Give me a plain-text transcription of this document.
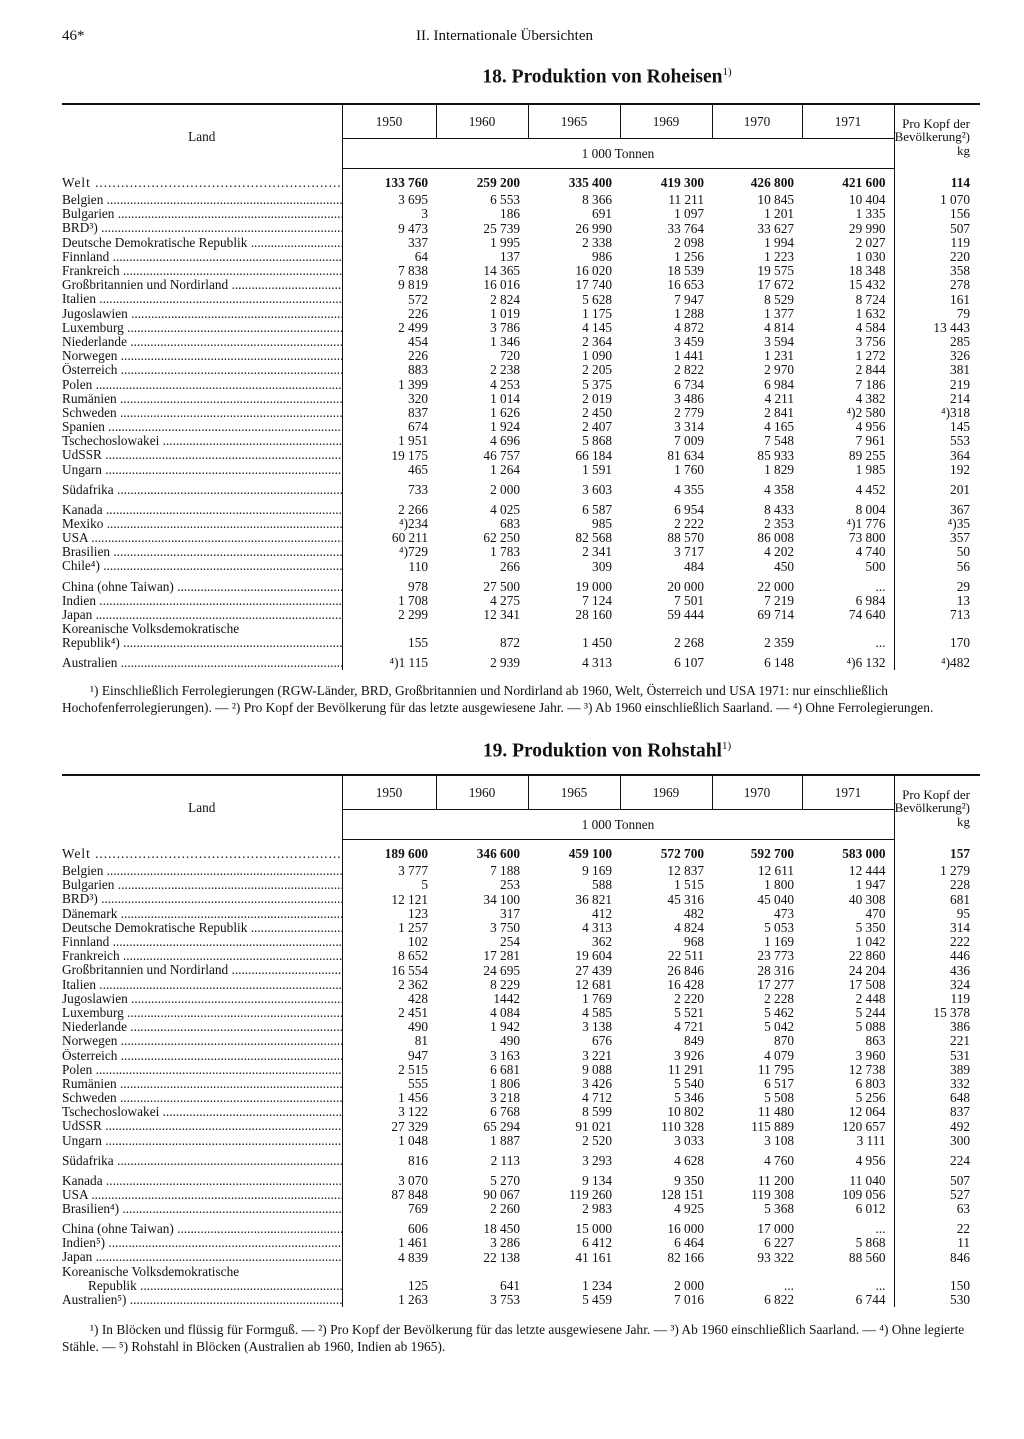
46*	II. Internationale Übersichten
18. Produktion von Roheisen$^{1)}$
Land	1950	1960	1965	1969	1970	1971	Pro Kopf der Bevölkerung²) kg
	1 000 Tonnen						

Welt .....	133 760	259 200	335 400	419 300	426 800	421 600	114

Belgien .....	3 695	6 553	8 366	11 211	10 845	10 404	1 070

Bulgarien .....	3	186	691	1 097	1 201	1 335	156

BRD³) .....	9 473	25 739	26 990	33 764	33 627	29 990	507

Deutsche Demokratische Republik .....	337	1 995	2 338	2 098	1 994	2 027	119

Finnland .....	64	137	986	1 256	1 223	1 030	220

Frankreich .....	7 838	14 365	16 020	18 539	19 575	18 348	358

Großbritannien und Nordirland .....	9 819	16 016	17 740	16 653	17 672	15 432	278

Italien .....	572	2 824	5 628	7 947	8 529	8 724	161

Jugoslawien .....	226	1 019	1 175	1 288	1 377	1 632	79

Luxemburg .....	2 499	3 786	4 145	4 872	4 814	4 584	13 443

Niederlande .....	454	1 346	2 364	3 459	3 594	3 756	285

Norwegen .....	226	720	1 090	1 441	1 231	1 272	326

Österreich .....	883	2 238	2 205	2 822	2 970	2 844	381

Polen .....	1 399	4 253	5 375	6 734	6 984	7 186	219

Rumänien .....	320	1 014	2 019	3 486	4 211	4 382	214

Schweden .....	837	1 626	2 450	2 779	2 841	⁴)2 580	⁴)318

Spanien .....	674	1 924	2 407	3 314	4 165	4 956	145

Tschechoslowakei .....	1 951	4 696	5 868	7 009	7 548	7 961	553

UdSSR .....	19 175	46 757	66 184	81 634	85 933	89 255	364

Ungarn .....	465	1 264	1 591	1 760	1 829	1 985	192

Südafrika .....	733	2 000	3 603	4 355	4 358	4 452	201

Kanada .....	2 266	4 025	6 587	6 954	8 433	8 004	367

Mexiko .....	⁴)234	683	985	2 222	2 353	⁴)1 776	⁴)35

USA .....	60 211	62 250	82 568	88 570	86 008	73 800	357

Brasilien .....	⁴)729	1 783	2 341	3 717	4 202	4 740	50

Chile⁴) .....	110	266	309	484	450	500	56

China (ohne Taiwan) .....	978	27 500	19 000	20 000	22 000	...	29

Indien .....	1 708	4 275	7 124	7 501	7 219	6 984	13

Japan .....	2 299	12 341	28 160	59 444	69 714	74 640	713

Koreanische Volksdemokratische
Republik⁴) .....	155	872	1 450	2 268	2 359	...	170

Australien .....	⁴)1 115	2 939	4 313	6 107	6 148	⁴)6 132	⁴)482
¹) Einschließlich Ferrolegierungen (RGW-Länder, BRD, Großbritannien und Nordirland ab 1960, Welt, Österreich und USA 1971: nur einschließlich Hochofenferrolegierungen). — ²) Pro Kopf der Bevölkerung für das letzte ausgewiesene Jahr. — ³) Ab 1960 einschließlich Saarland. — ⁴) Ohne Ferrolegierungen.
19. Produktion von Rohstahl$^{1)}$
Land	1950	1960	1965	1969	1970	1971	Pro Kopf der Bevölkerung²) kg
	1 000 Tonnen						

Welt .....	189 600	346 600	459 100	572 700	592 700	583 000	157

Belgien .....	3 777	7 188	9 169	12 837	12 611	12 444	1 279

Bulgarien .....	5	253	588	1 515	1 800	1 947	228

BRD³) .....	12 121	34 100	36 821	45 316	45 040	40 308	681

Dänemark .....	123	317	412	482	473	470	95

Deutsche Demokratische Republik .....	1 257	3 750	4 313	4 824	5 053	5 350	314

Finnland .....	102	254	362	968	1 169	1 042	222

Frankreich .....	8 652	17 281	19 604	22 511	23 773	22 860	446

Großbritannien und Nordirland .....	16 554	24 695	27 439	26 846	28 316	24 204	436

Italien .....	2 362	8 229	12 681	16 428	17 277	17 508	324

Jugoslawien .....	428	1442	1 769	2 220	2 228	2 448	119

Luxemburg .....	2 451	4 084	4 585	5 521	5 462	5 244	15 378

Niederlande .....	490	1 942	3 138	4 721	5 042	5 088	386

Norwegen .....	81	490	676	849	870	863	221

Österreich .....	947	3 163	3 221	3 926	4 079	3 960	531

Polen .....	2 515	6 681	9 088	11 291	11 795	12 738	389

Rumänien .....	555	1 806	3 426	5 540	6 517	6 803	332

Schweden .....	1 456	3 218	4 712	5 346	5 508	5 256	648

Tschechoslowakei .....	3 122	6 768	8 599	10 802	11 480	12 064	837

UdSSR .....	27 329	65 294	91 021	110 328	115 889	120 657	492

Ungarn .....	1 048	1 887	2 520	3 033	3 108	3 111	300

Südafrika .....	816	2 113	3 293	4 628	4 760	4 956	224

Kanada .....	3 070	5 270	9 134	9 350	11 200	11 040	507

USA .....	87 848	90 067	119 260	128 151	119 308	109 056	527

Brasilien⁴) .....	769	2 260	2 983	4 925	5 368	6 012	63

China (ohne Taiwan) .....	606	18 450	15 000	16 000	17 000	...	22

Indien⁵) .....	1 461	3 286	6 412	6 464	6 227	5 868	11

Japan .....	4 839	22 138	41 161	82 166	93 322	88 560	846

Koreanische Volksdemokratische
Republik .....	125	641	1 234	2 000	...	...	150

Australien⁵) .....	1 263	3 753	5 459	7 016	6 822	6 744	530
¹) In Blöcken und flüssig für Formguß. — ²) Pro Kopf der Bevölkerung für das letzte ausgewiesene Jahr. — ³) Ab 1960 einschließlich Saarland. — ⁴) Ohne legierte Stähle. — ⁵) Rohstahl in Blöcken (Australien ab 1960, Indien ab 1965).
